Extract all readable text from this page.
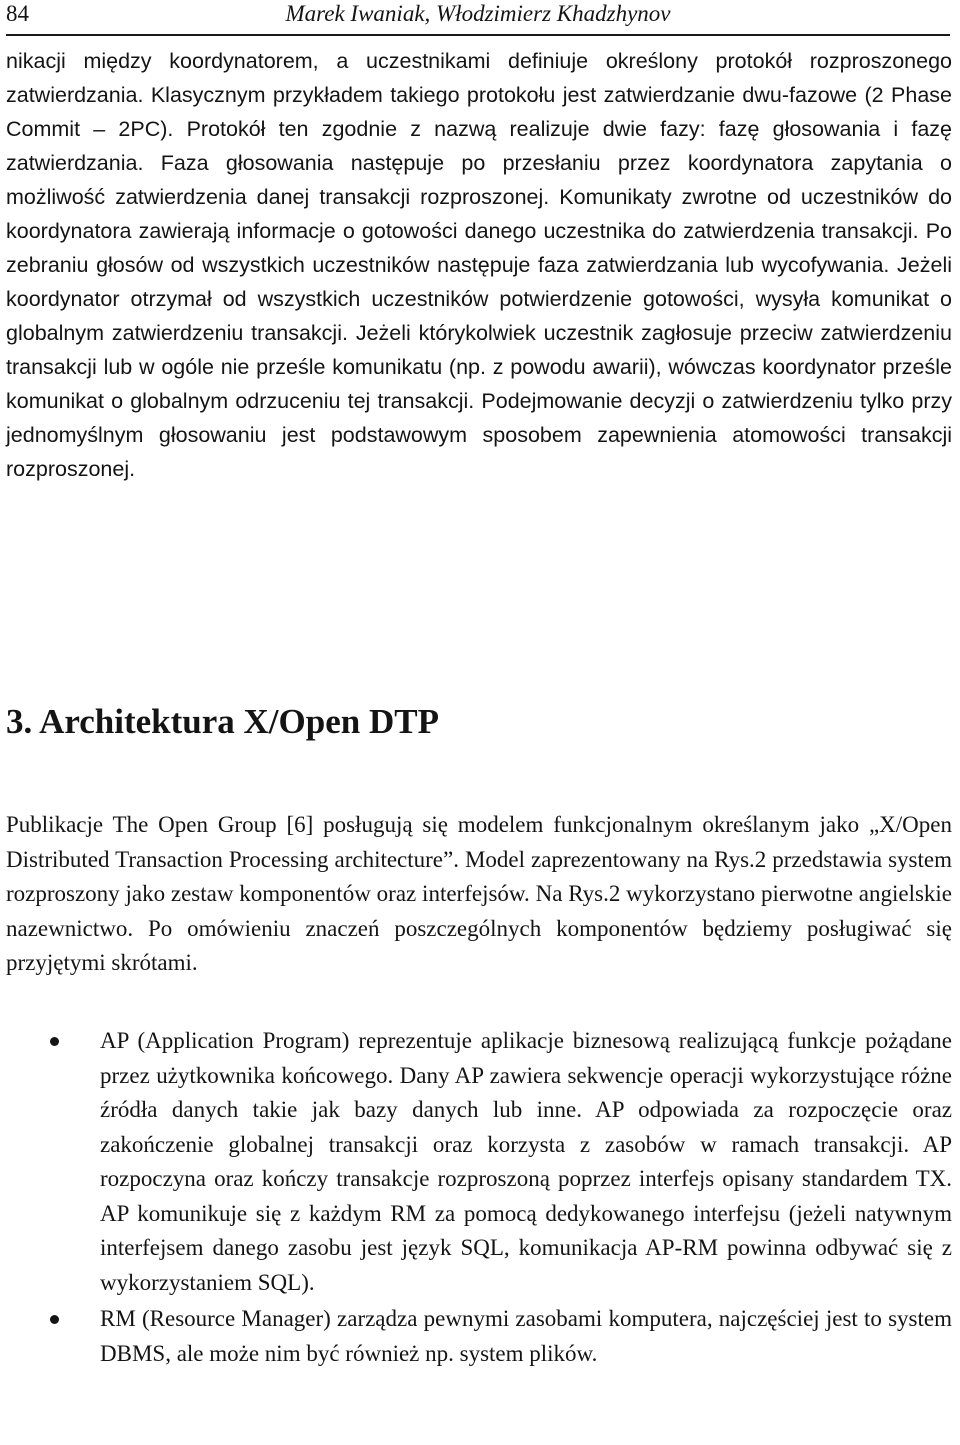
84	Marek Iwaniak, Włodzimierz Khadzhynov

nikacji między koordynatorem, a uczestnikami definiuje określony protokół rozproszonego zatwierdzania. Klasycznym przykładem takiego protokołu jest zatwierdzanie dwu-fazowe (2 Phase Commit – 2PC). Protokół ten zgodnie z nazwą realizuje dwie fazy: fazę głosowania i fazę zatwierdzania. Faza głosowania następuje po przesłaniu przez koordynatora zapytania o możliwość zatwierdzenia danej transakcji rozproszonej. Komunikaty zwrotne od uczestników do koordynatora zawierają informacje o gotowości danego uczestnika do zatwierdzenia transakcji. Po zebraniu głosów od wszystkich uczestników następuje faza zatwierdzania lub wycofywania. Jeżeli koordynator otrzymał od wszystkich uczestników potwierdzenie gotowości, wysyła komunikat o globalnym zatwierdzeniu transakcji. Jeżeli którykolwiek uczestnik zagłosuje przeciw zatwierdzeniu transakcji lub w ogóle nie prześle komunikatu (np. z powodu awarii), wówczas koordynator prześle komunikat o globalnym odrzuceniu tej transakcji. Podejmowanie decyzji o zatwierdzeniu tylko przy jednomyślnym głosowaniu jest podstawowym sposobem zapewnienia atomowości transakcji rozproszonej.

3. Architektura X/Open DTP

Publikacje The Open Group [6] posługują się modelem funkcjonalnym określanym jako „X/Open Distributed Transaction Processing architecture”. Model zaprezentowany na Rys.2 przedstawia system rozproszony jako zestaw komponentów oraz interfejsów. Na Rys.2 wykorzystano pierwotne angielskie nazewnictwo. Po omówieniu znaczeń poszczególnych komponentów będziemy posługiwać się przyjętymi skrótami.

AP (Application Program) reprezentuje aplikacje biznesową realizującą funkcje pożądane przez użytkownika końcowego. Dany AP zawiera sekwencje operacji wykorzystujące różne źródła danych takie jak bazy danych lub inne. AP odpowiada za rozpoczęcie oraz zakończenie globalnej transakcji oraz korzysta z zasobów w ramach transakcji. AP rozpoczyna oraz kończy transakcje rozproszoną poprzez interfejs opisany standardem TX. AP komunikuje się z każdym RM za pomocą dedykowanego interfejsu (jeżeli natywnym interfejsem danego zasobu jest język SQL, komunikacja AP-RM powinna odbywać się z wykorzystaniem SQL).
RM (Resource Manager) zarządza pewnymi zasobami komputera, najczęściej jest to system DBMS, ale może nim być również np. system plików.
